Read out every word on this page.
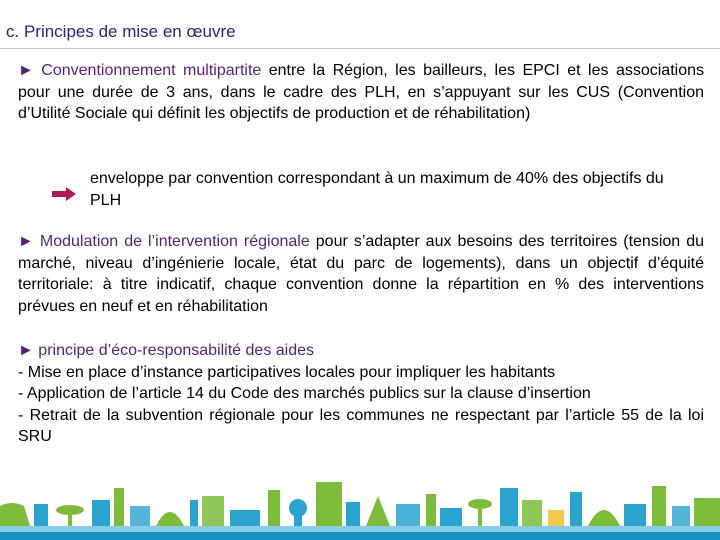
c. Principes de mise en œuvre
► Conventionnement multipartite entre la Région, les bailleurs, les EPCI et les associations pour une durée de 3 ans, dans le cadre des PLH, en s’appuyant sur les CUS (Convention d’Utilité Sociale qui définit les objectifs de production et de réhabilitation)
enveloppe par convention correspondant à un maximum de 40% des objectifs du PLH
► Modulation de l’intervention régionale pour s’adapter aux besoins des territoires (tension du marché, niveau d’ingénierie locale, état du parc de logements), dans un objectif d’équité territoriale: à titre indicatif, chaque convention donne la répartition en % des interventions prévues en neuf et en réhabilitation
► principe d’éco-responsabilité des aides
- Mise en place d’instance participatives locales pour impliquer les habitants
- Application de l’article 14 du Code des marchés publics sur la clause d’insertion
- Retrait de la subvention régionale pour les communes ne respectant par l’article 55 de la loi SRU
